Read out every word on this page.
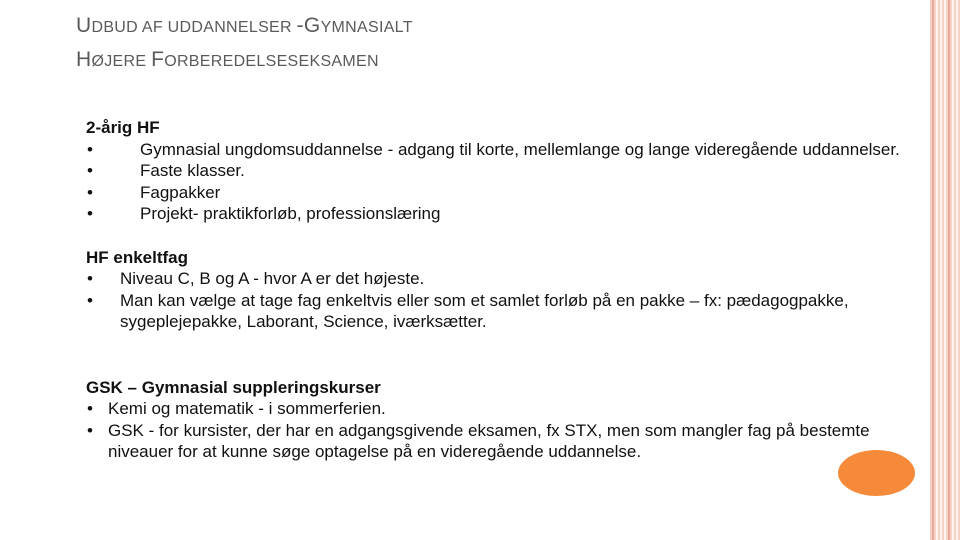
UDBUD AF UDDANNELSER -GYMNASIALT
HØJERE FORBEREDELSESEKSAMEN
2-årig HF
•	Gymnasial ungdomsuddannelse - adgang til korte, mellemlange og lange videregående uddannelser.
•	Faste klasser.
•	Fagpakker
•	Projekt- praktikforløb, professionslæring
HF enkeltfag
• Niveau C, B og A - hvor A er det højeste.
• Man kan vælge at tage fag enkeltvis eller som et samlet forløb på en pakke – fx: pædagogpakke, sygeplejepakke, Laborant, Science, iværksætter.
GSK – Gymnasial suppleringskurser
• Kemi og matematik - i sommerferien.
• GSK - for kursister, der har en adgangsgivende eksamen, fx STX, men som mangler fag på bestemte niveauer for at kunne søge optagelse på en videregående uddannelse.
